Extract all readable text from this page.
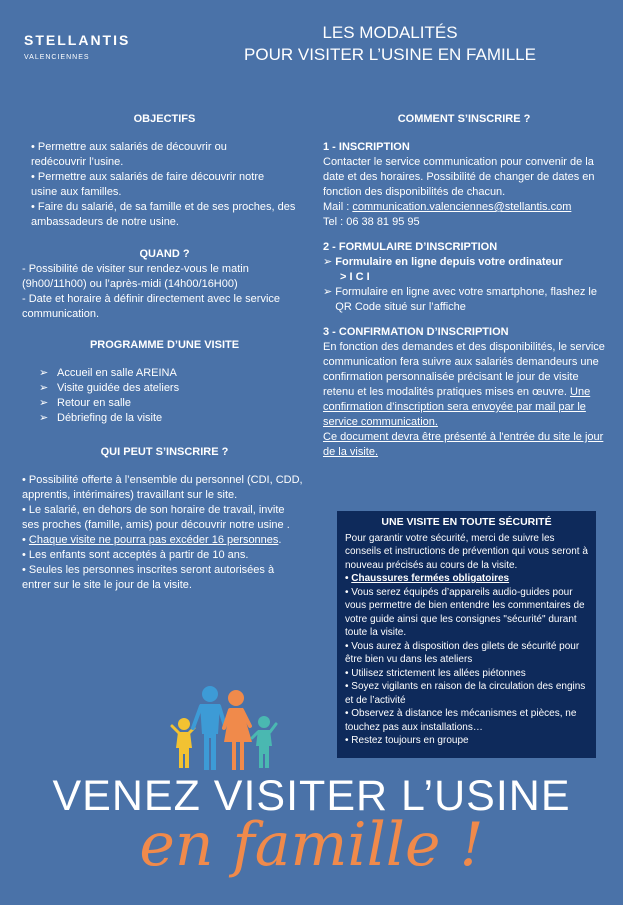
STELLANTIS
VALENCIENNES
LES MODALITÉS
POUR VISITER L’USINE EN FAMILLE
OBJECTIFS

• Permettre aux salariés de découvrir ou redécouvrir l’usine.

• Permettre aux salariés de faire découvrir notre usine aux familles.

• Faire du salarié, de sa famille et de ses proches, des ambassadeurs de notre usine.

QUAND ?

- Possibilité de visiter sur rendez-vous le matin (9h00/11h00) ou l’après-midi (14h00/16H00)

- Date et horaire à définir directement avec le service communication.

PROGRAMME D’UNE VISITE
➢ Accueil en salle AREINA
➢ Visite guidée des ateliers
➢ Retour en salle
➢ Débriefing de la visite
QUI PEUT S’INSCRIRE ?

• Possibilité offerte à l’ensemble du personnel (CDI, CDD, apprentis, intérimaires) travaillant sur le site.

• Le salarié, en dehors de son horaire de travail, invite ses proches (famille, amis) pour découvrir notre usine .

• Chaque visite ne pourra pas excéder 16 personnes.

• Les enfants sont acceptés à partir de 10 ans.

• Seules les personnes inscrites seront autorisées à entrer sur le site le jour de la visite.

COMMENT S’INSCRIRE ?
1 - INSCRIPTION

Contacter le service communication pour convenir de la date et des horaires. Possibilité de changer de dates en fonction des disponibilités de chacun.

Mail : communication.valenciennes@stellantis.com

Tel : 06 38 81 95 95

2 - FORMULAIRE D’INSCRIPTION
➢ Formulaire en ligne depuis votre ordinateur
> I C I
➢ Formulaire en ligne avec votre smartphone, flashez le QR Code situé sur l’affiche
3 - CONFIRMATION D’INSCRIPTION

En fonction des demandes et des disponibilités, le service communication fera suivre aux salariés demandeurs une confirmation personnalisée précisant le jour de visite retenu et les modalités pratiques mises en œuvre. Une confirmation d’inscription sera envoyée par mail par le service communication.
Ce document devra être présenté à l'entrée du site le jour de la visite.

UNE VISITE EN TOUTE SÉCURITÉ
Pour garantir votre sécurité, merci de suivre les conseils et instructions de prévention qui vous seront à nouveau précisés au cours de la visite.
• Chaussures fermées obligatoires
• Vous serez équipés d’appareils audio-guides pour vous permettre de bien entendre les commentaires de votre guide ainsi que les consignes "sécurité" durant toute la visite.
• Vous aurez à disposition des gilets de sécurité pour être bien vu dans les ateliers
• Utilisez strictement les allées piétonnes
• Soyez vigilants en raison de la circulation des engins et de l’activité
• Observez à distance les mécanismes et pièces, ne touchez pas aux installations…
• Restez toujours en groupe
VENEZ VISITER L’USINE
en famille !
